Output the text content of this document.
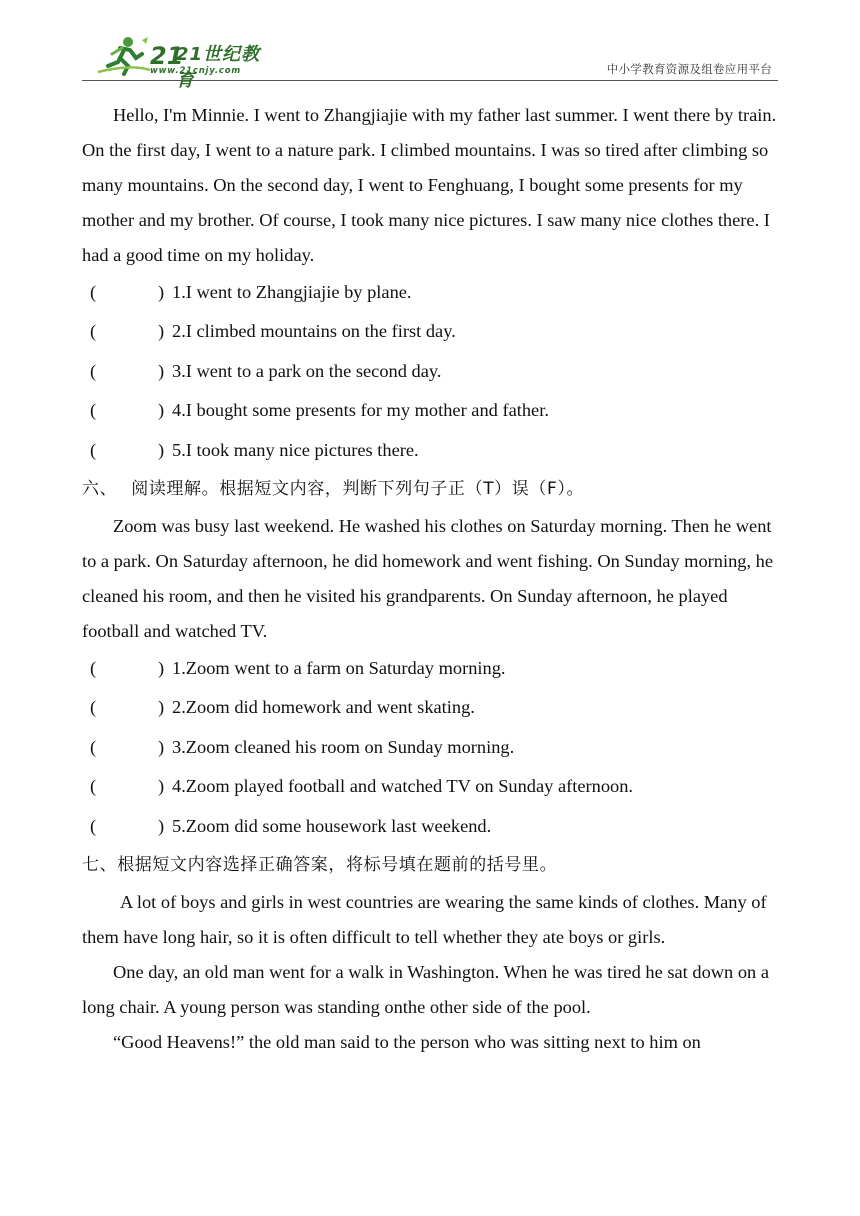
21
21世纪教育
www.21cnjy.com	中小学教育资源及组卷应用平台

Hello, I'm Minnie. I went to Zhangjiajie with my father last summer. I went there by train. On the first day, I went to a nature park. I climbed mountains. I was so tired after climbing so many mountains. On the second day, I went to Fenghuang, I bought some presents for my mother and my brother. Of course, I took many nice pictures. I saw many nice clothes there. I had a good time on my holiday.

(	) 1.I went to Zhangjiajie by plane.
(	) 2.I climbed mountains on the first day.
(	) 3.I went to a park on the second day.
(	) 4.I bought some presents for my mother and father.
(	) 5.I took many nice pictures there.
六、 阅读理解。根据短文内容，判断下列句子正（T）误（F）。

Zoom was busy last weekend. He washed his clothes on Saturday morning. Then he went to a park. On Saturday afternoon, he did homework and went fishing. On Sunday morning, he cleaned his room, and then he visited his grandparents. On Sunday afternoon, he played football and watched TV.

(	) 1.Zoom went to a farm on Saturday morning.
(	) 2.Zoom did homework and went skating.
(	) 3.Zoom cleaned his room on Sunday morning.
(	) 4.Zoom played football and watched TV on Sunday afternoon.
(	) 5.Zoom did some housework last weekend.
七、根据短文内容选择正确答案，将标号填在题前的括号里。

A lot of boys and girls in west countries are wearing the same kinds of clothes. Many of them have long hair, so it is often difficult to tell whether they ate boys or girls.

One day, an old man went for a walk in Washington. When he was tired he sat down on a long chair. A young person was standing onthe other side of the pool.

“Good Heavens!” the old man said to the person who was sitting next to him on
